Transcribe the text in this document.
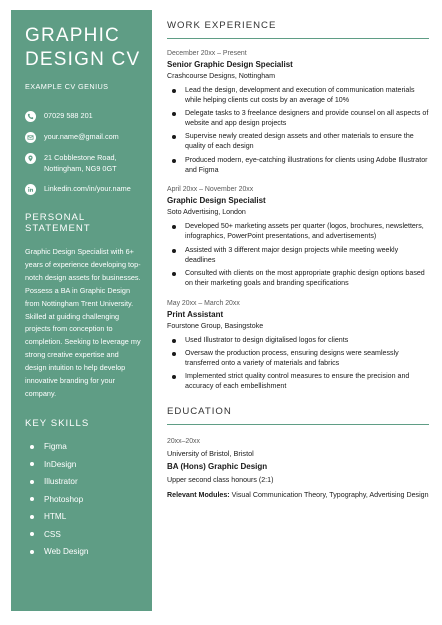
GRAPHIC
DESIGN CV
EXAMPLE CV GENIUS
07029 588 201
your.name@gmail.com
21 Cobblestone Road,
Nottingham, NG9 0GT
Linkedin.com/in/your.name
PERSONAL STATEMENT

Graphic Design Specialist with 6+ years of experience developing top-notch design assets for businesses. Possess a BA in Graphic Design from Nottingham Trent University. Skilled at guiding challenging projects from conception to completion. Seeking to leverage my strong creative expertise and design intuition to help develop innovative branding for your company.

KEY SKILLS
Figma
InDesign
Illustrator
Photoshop
HTML
CSS
Web Design
WORK EXPERIENCE
December 20xx – Present
Senior Graphic Design Specialist
Crashcourse Designs, Nottingham
Lead the design, development and execution of communication materials while helping clients cut costs by an average of 10%
Delegate tasks to 3 freelance designers and provide counsel on all aspects of website and app design projects
Supervise newly created design assets and other materials to ensure the quality of each design
Produced modern, eye-catching illustrations for clients using Adobe Illustrator and Figma
April 20xx – November 20xx
Graphic Design Specialist
Soto Advertising, London
Developed 50+ marketing assets per quarter (logos, brochures, newsletters, infographics, PowerPoint presentations, and advertisements)
Assisted with 3 different major design projects while meeting weekly deadlines
Consulted with clients on the most appropriate graphic design options based on their marketing goals and branding specifications
May 20xx – March 20xx
Print Assistant
Fourstone Group, Basingstoke
Used Illustrator to design digitalised logos for clients
Oversaw the production process, ensuring designs were seamlessly transferred onto a variety of materials and fabrics
Implemented strict quality control measures to ensure the precision and accuracy of each embellishment
EDUCATION
20xx–20xx
University of Bristol, Bristol
BA (Hons) Graphic Design
Upper second class honours (2:1)
Relevant Modules: Visual Communication Theory, Typography, Advertising Design
